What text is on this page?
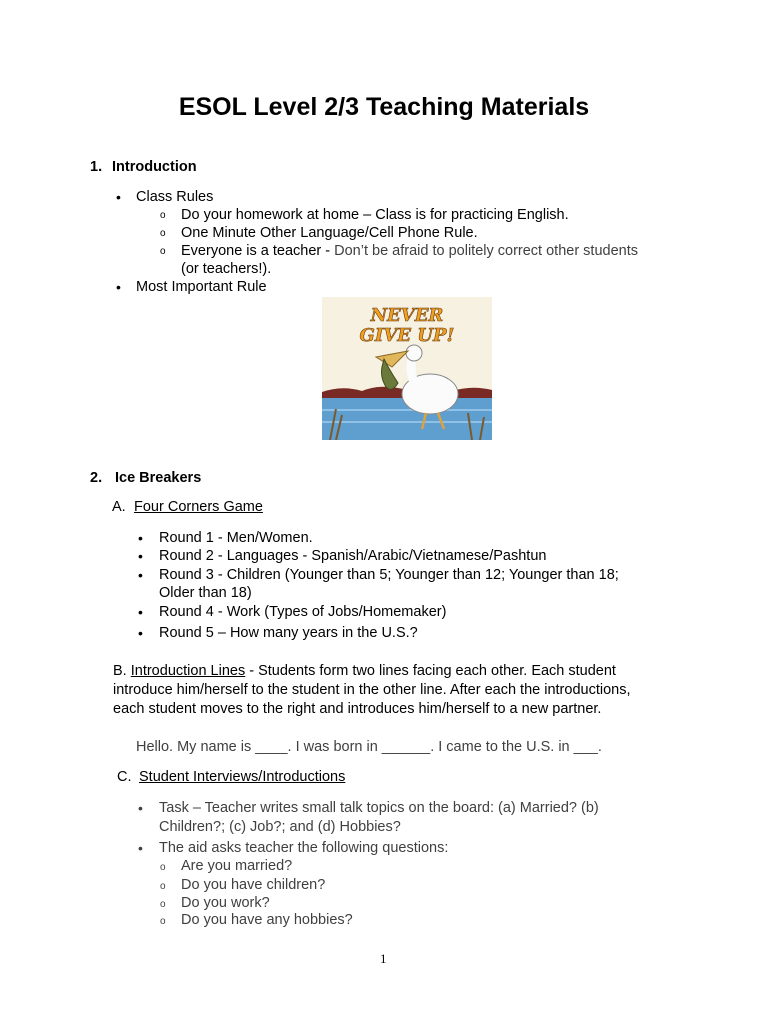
ESOL Level 2/3 Teaching Materials
1. Introduction
• Class Rules
o Do your homework at home – Class is for practicing English.
o One Minute Other Language/Cell Phone Rule.
o Everyone is a teacher - Don’t be afraid to politely correct other students
(or teachers!).
• Most Important Rule
NEVER
GIVE UP!
2. Ice Breakers
A. Four Corners Game
• Round 1 - Men/Women.
• Round 2 - Languages - Spanish/Arabic/Vietnamese/Pashtun
• Round 3 - Children (Younger than 5; Younger than 12; Younger than 18;
Older than 18)
• Round 4 - Work (Types of Jobs/Homemaker)
• Round 5 – How many years in the U.S.?
B. Introduction Lines - Students form two lines facing each other. Each student
introduce him/herself to the student in the other line. After each the introductions,
each student moves to the right and introduces him/herself to a new partner.
Hello. My name is ____. I was born in ______. I came to the U.S. in ___.
C. Student Interviews/Introductions
• Task – Teacher writes small talk topics on the board: (a) Married? (b)
Children?; (c) Job?; and (d) Hobbies?
• The aid asks teacher the following questions:
o Are you married?
o Do you have children?
o Do you work?
o Do you have any hobbies?
1
